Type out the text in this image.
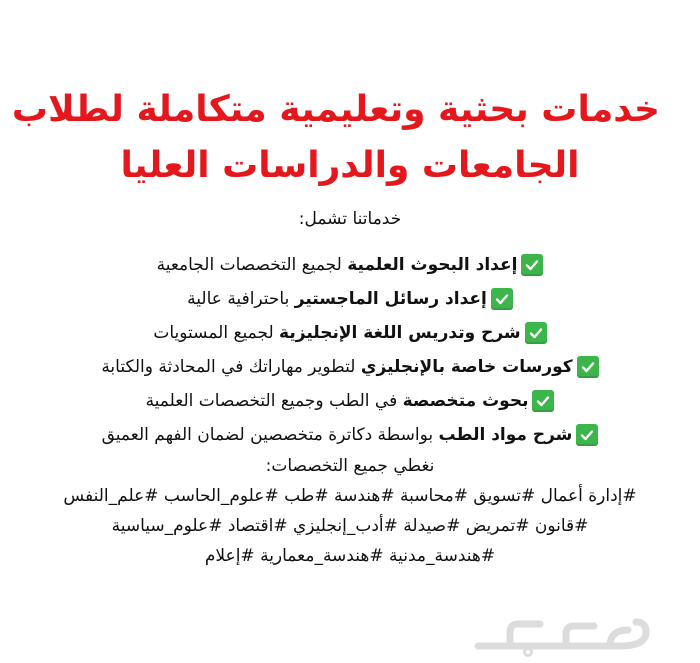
خدمات بحثية وتعليمية متكاملة لطلاب
الجامعات والدراسات العليا
خدماتنا تشمل:
إعداد البحوث العلمية لجميع التخصصات الجامعية
إعداد رسائل الماجستير باحترافية عالية
شرح وتدريس اللغة الإنجليزية لجميع المستويات
كورسات خاصة بالإنجليزي لتطوير مهاراتك في المحادثة والكتابة
بحوث متخصصة في الطب وجميع التخصصات العلمية
شرح مواد الطب بواسطة دكاترة متخصصين لضمان الفهم العميق
نغطي جميع التخصصات:
#إدارة أعمال #تسويق #محاسبة #هندسة #طب #علوم_الحاسب #علم_النفس
#قانون #تمريض #صيدلة #أدب_إنجليزي #اقتصاد #علوم_سياسية
#هندسة_مدنية #هندسة_معمارية #إعلام
